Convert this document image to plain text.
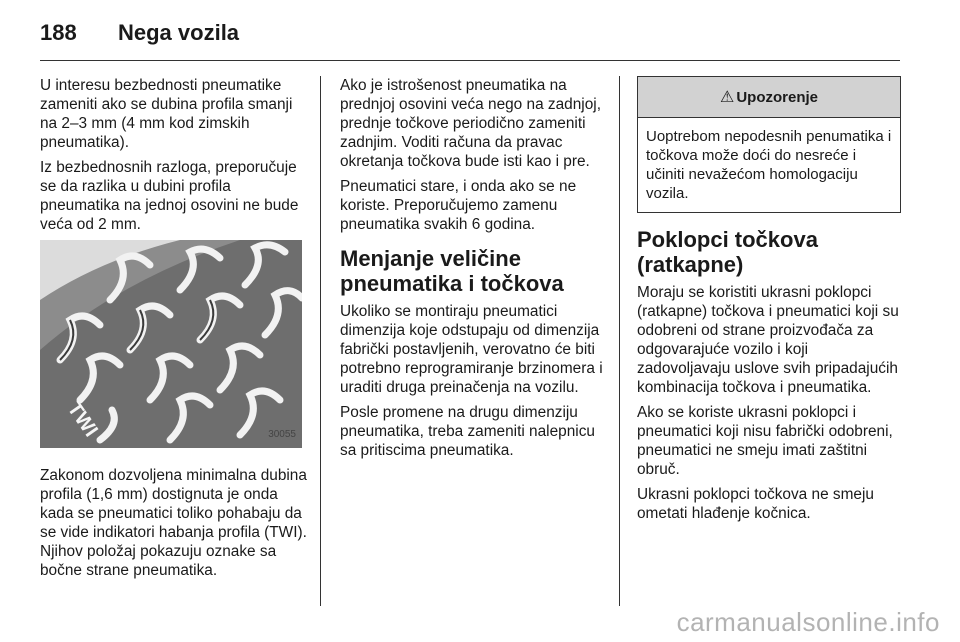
188 Nega vozila

U interesu bezbednosti pneumatike zameniti ako se dubina profila smanji na 2–3 mm (4 mm kod zimskih pneumatika).

Iz bezbednosnih razloga, preporučuje se da razlika u dubini profila pneumatika na jednoj osovini ne bude veća od 2 mm.

TWI	30055

Zakonom dozvoljena minimalna dubina profila (1,6 mm) dostignuta je onda kada se pneumatici toliko pohabaju da se vide indikatori habanja profila (TWI). Njihov položaj pokazuju oznake sa bočne strane pneumatika.

Ako je istrošenost pneumatika na prednjoj osovini veća nego na zadnjoj, prednje točkove periodično zameniti zadnjim. Voditi računa da pravac okretanja točkova bude isti kao i pre.

Pneumatici stare, i onda ako se ne koriste. Preporučujemo zamenu pneumatika svakih 6 godina.

Menjanje veličine pneumatika i točkova

Ukoliko se montiraju pneumatici dimenzija koje odstupaju od dimenzija fabrički postavljenih, verovatno će biti potrebno reprogramiranje brzinomera i uraditi druga preinačenja na vozilu.

Posle promene na drugu dimenziju pneumatika, treba zameniti nalepnicu sa pritiscima pneumatika.

⚠ Upozorenje
Uoptrebom nepodesnih penumatika i točkova može doći do nesreće i učiniti nevažećom homologaciju vozila.
Poklopci točkova (ratkapne)

Moraju se koristiti ukrasni poklopci (ratkapne) točkova i pneumatici koji su odobreni od strane proizvođača za odgovarajuće vozilo i koji zadovoljavaju uslove svih pripadajućih kombinacija točkova i pneumatika.

Ako se koriste ukrasni poklopci i pneumatici koji nisu fabrički odobreni, pneumatici ne smeju imati zaštitni obruč.

Ukrasni poklopci točkova ne smeju ometati hlađenje kočnica.

carmanualsonline.info
